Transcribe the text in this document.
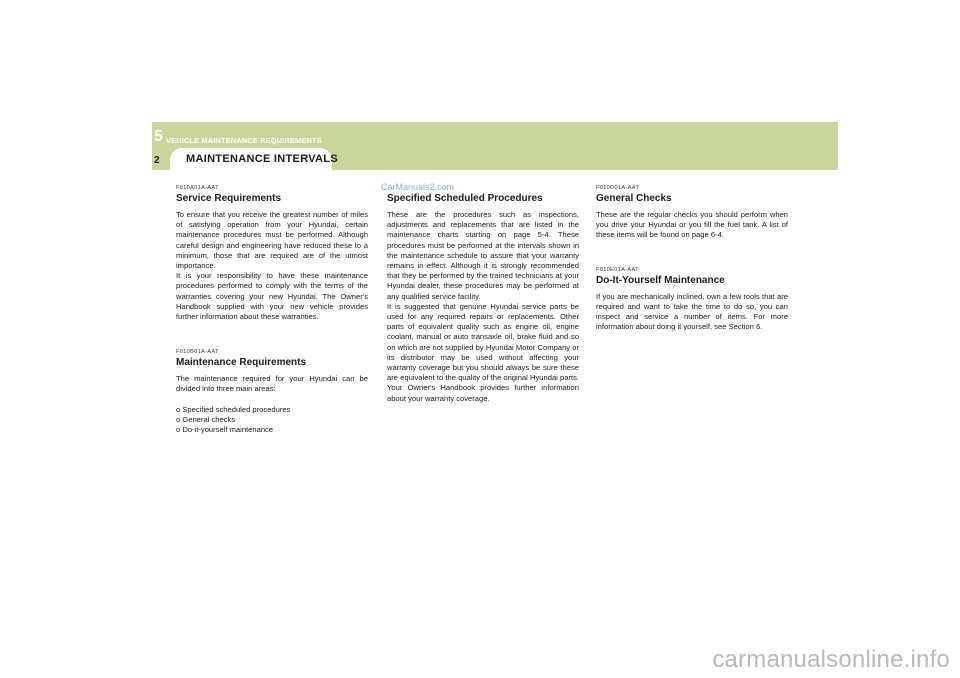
5 VEHICLE MAINTENANCE REQUIREMENTS
2 MAINTENANCE INTERVALS
F010A01A-AAT
Service Requirements

To ensure that you receive the greatest number of miles of satisfying operation from your Hyundai, certain maintenance procedures must be performed. Although careful design and engineering have reduced these to a minimum, those that are required are of the utmost importance.

It is your responsibility to have these maintenance procedures performed to comply with the terms of the warranties covering your new Hyundai. The Owner's Handbook supplied with your new vehicle provides further information about these warranties.

F010B01A-AAT
Maintenance Requirements

The maintenance required for your Hyundai can be divided into three main areas:

o Specified scheduled procedures
o General checks
o Do-it-yourself maintenance

Specified Scheduled Procedures

These are the procedures such as inspections, adjustments and replacements that are listed in the maintenance charts starting on page 5-4. These procedures must be performed at the intervals shown in the maintenance schedule to assure that your warranty remains in effect. Although it is strongly recommended that they be performed by the trained technicians at your Hyundai dealer, these procedures may be performed at any qualified service facility.

It is suggested that genuine Hyundai service parts be used for any required repairs or replacements. Other parts of equivalent quality such as engine oil, engine coolant, manual or auto transaxle oil, brake fluid and so on which are not supplied by Hyundai Motor Company or its distributor may be used without affecting your warranty coverage but you should always be sure these are equivalent to the quality of the original Hyundai parts. Your Owner's Handbook provides further information about your warranty coverage.

F010D01A-AAT
General Checks

These are the regular checks you should perform when you drive your Hyundai or you fill the fuel tank. A list of these items will be found on page 6-4.

F010E01A-AAT
Do-It-Yourself Maintenance

If you are mechanically inclined, own a few tools that are required and want to take the time to do so, you can inspect and service a number of items. For more information about doing it yourself, see Section 6.

CarManuals2.com
carmanualsonline.info
